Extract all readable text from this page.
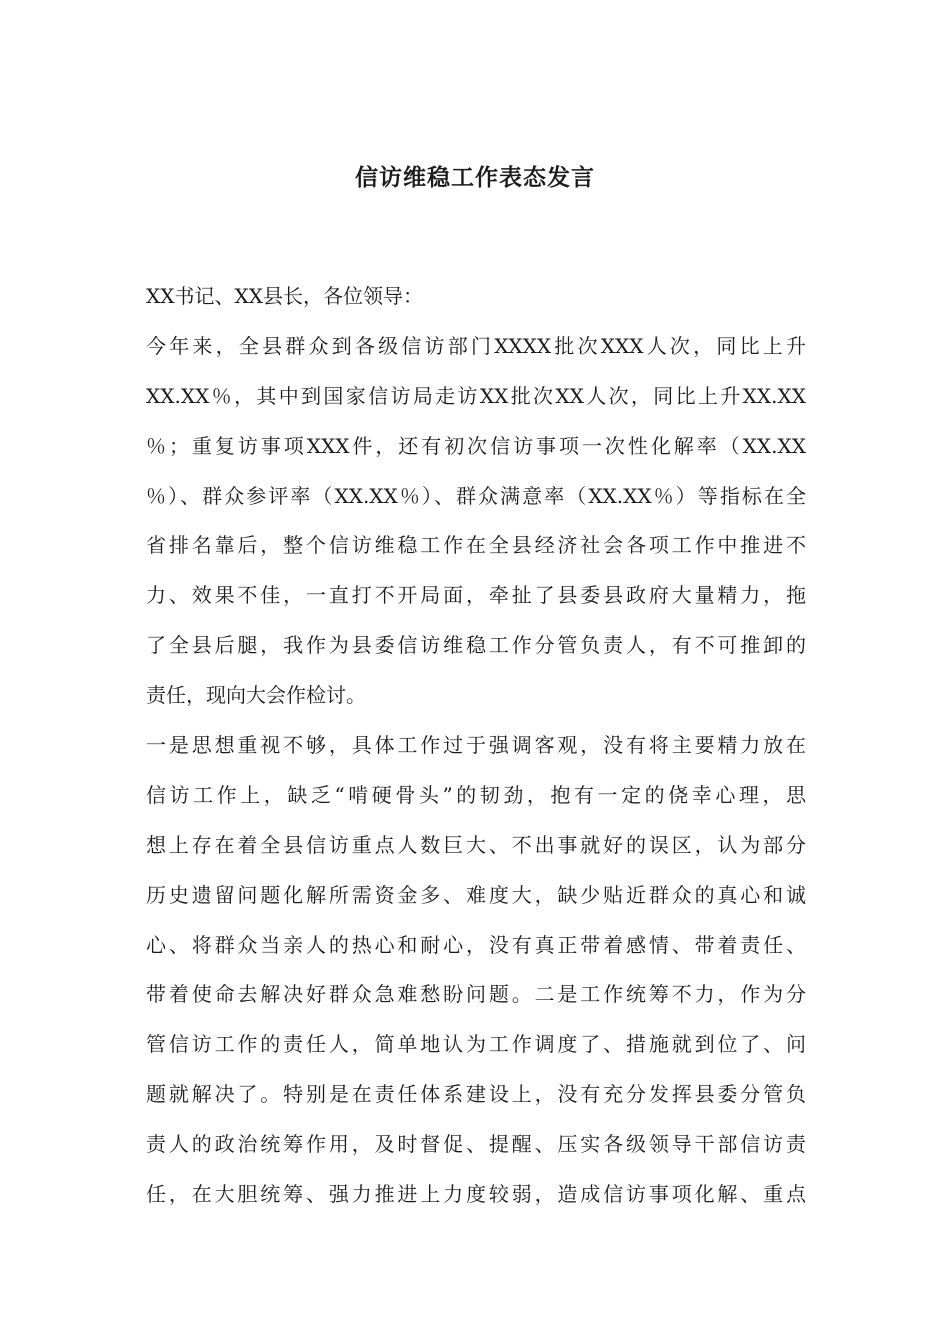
信访维稳工作表态发言
XX书记、XX县长，各位领导：
今年来，全县群众到各级信访部门XXXX批次XXX人次，同比上升
XX.XX％，其中到国家信访局走访XX批次XX人次，同比上升XX.XX
％；重复访事项XXX件，还有初次信访事项一次性化解率（XX.XX
％）、群众参评率（XX.XX％）、群众满意率（XX.XX％）等指标在全
省排名靠后，整个信访维稳工作在全县经济社会各项工作中推进不
力、效果不佳，一直打不开局面，牵扯了县委县政府大量精力，拖
了全县后腿，我作为县委信访维稳工作分管负责人，有不可推卸的
责任，现向大会作检讨。
一是思想重视不够，具体工作过于强调客观，没有将主要精力放在
信访工作上，缺乏“啃硬骨头”的韧劲，抱有一定的侥幸心理，思
想上存在着全县信访重点人数巨大、不出事就好的误区，认为部分
历史遗留问题化解所需资金多、难度大，缺少贴近群众的真心和诚
心、将群众当亲人的热心和耐心，没有真正带着感情、带着责任、
带着使命去解决好群众急难愁盼问题。二是工作统筹不力，作为分
管信访工作的责任人，简单地认为工作调度了、措施就到位了、问
题就解决了。特别是在责任体系建设上，没有充分发挥县委分管负
责人的政治统筹作用，及时督促、提醒、压实各级领导干部信访责
任，在大胆统筹、强力推进上力度较弱，造成信访事项化解、重点
